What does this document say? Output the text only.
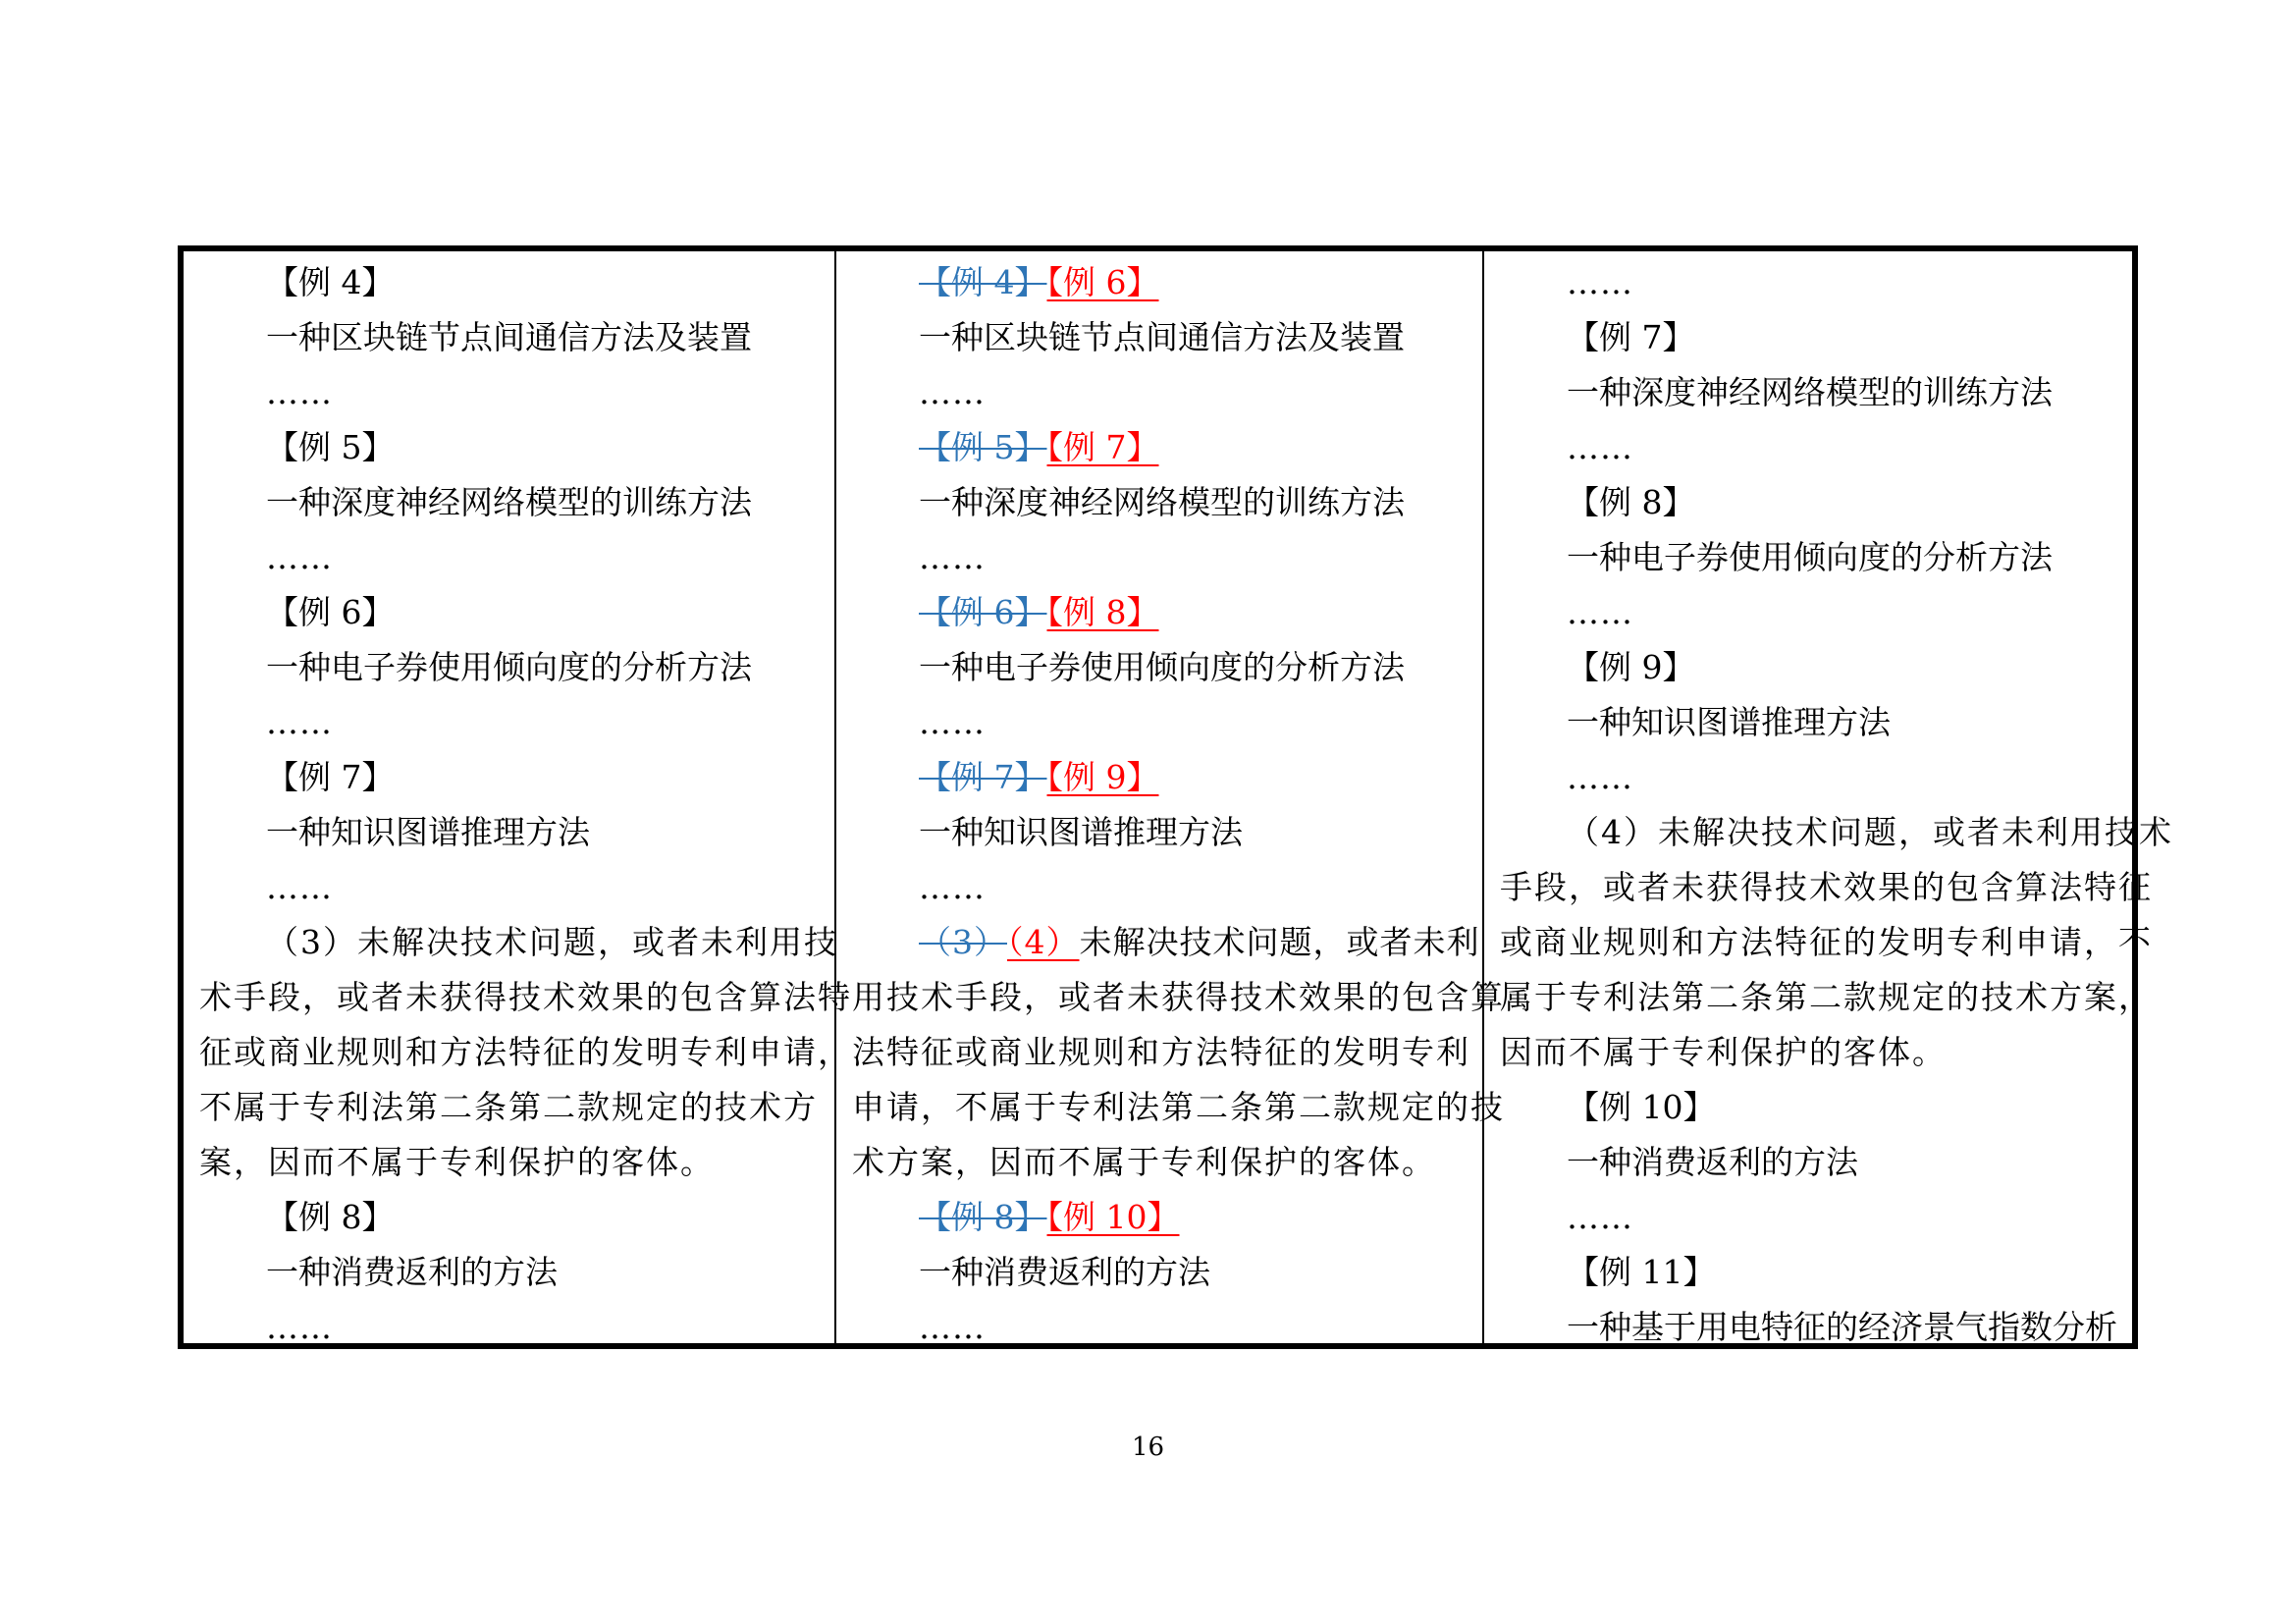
【例 4】
一种区块链节点间通信方法及装置
……
【例 5】
一种深度神经网络模型的训练方法
……
【例 6】
一种电子券使用倾向度的分析方法
……
【例 7】
一种知识图谱推理方法
……
（3）未解决技术问题，或者未利用技
术手段，或者未获得技术效果的包含算法特
征或商业规则和方法特征的发明专利申请，
不属于专利法第二条第二款规定的技术方
案，因而不属于专利保护的客体。
【例 8】
一种消费返利的方法
……
【例 4】【例 6】
一种区块链节点间通信方法及装置
……
【例 5】【例 7】
一种深度神经网络模型的训练方法
……
【例 6】【例 8】
一种电子券使用倾向度的分析方法
……
【例 7】【例 9】
一种知识图谱推理方法
……
（3）（4）未解决技术问题，或者未利
用技术手段，或者未获得技术效果的包含算
法特征或商业规则和方法特征的发明专利
申请，不属于专利法第二条第二款规定的技
术方案，因而不属于专利保护的客体。
【例 8】【例 10】
一种消费返利的方法
……
……
【例 7】
一种深度神经网络模型的训练方法
……
【例 8】
一种电子券使用倾向度的分析方法
……
【例 9】
一种知识图谱推理方法
……
（4）未解决技术问题，或者未利用技术
手段，或者未获得技术效果的包含算法特征
或商业规则和方法特征的发明专利申请，不
属于专利法第二条第二款规定的技术方案，
因而不属于专利保护的客体。
【例 10】
一种消费返利的方法
……
【例 11】
一种基于用电特征的经济景气指数分析
16
